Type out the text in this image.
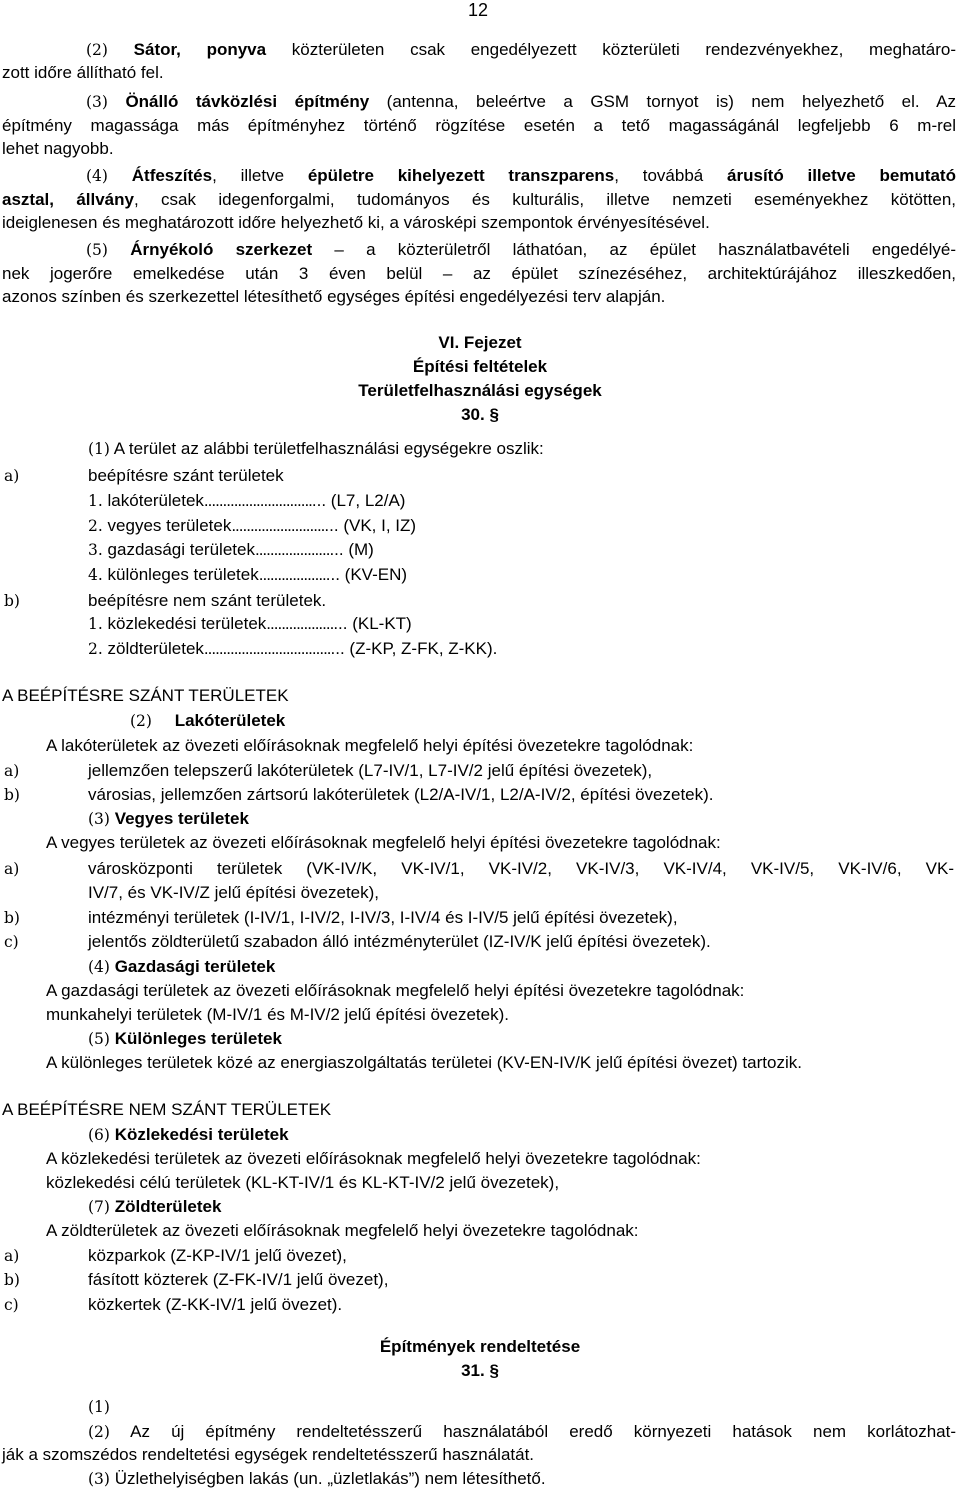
12
(2) Sátor, ponyva közterületen csak engedélyezett közterületi rendezvényekhez, meghatáro-
zott időre állítható fel.
(3) Önálló távközlési építmény (antenna, beleértve a GSM tornyot is) nem helyezhető el. Az
építmény magassága más építményhez történő rögzítése esetén a tető magasságánál legfeljebb 6 m-rel
lehet nagyobb.
(4) Átfeszítés, illetve épületre kihelyezett transzparens, továbbá árusító illetve bemutató
asztal, állvány, csak idegenforgalmi, tudományos és kulturális, illetve nemzeti eseményekhez kötötten,
ideiglenesen és meghatározott időre helyezhető ki, a városképi szempontok érvényesítésével.
(5) Árnyékoló szerkezet – a közterületről láthatóan, az épület használatbavételi engedélyé-
nek jogerőre emelkedése után 3 éven belül – az épület színezéséhez, architektúrájához illeszkedően,
azonos színben és szerkezettel létesíthető egységes építési engedélyezési terv alapján.
VI. Fejezet
Építési feltételek
Területfelhasználási egységek
30. §
(1) A terület az alábbi területfelhasználási egységekre oszlik:
a)	beépítésre szánt területek
1. lakóterületek................................ (L7, L2/A)
2. vegyes területek............................ (VK, I, IZ)
3. gazdasági területek....................... (M)
4. különleges területek..................... (KV-EN)
b)	beépítésre nem szánt területek.
1. közlekedési területek..................... (KL-KT)
2. zöldterületek..................................... (Z-KP, Z-FK, Z-KK).
A BEÉPÍTÉSRE SZÁNT TERÜLETEK
(2) Lakóterületek
A lakóterületek az övezeti előírásoknak megfelelő helyi építési övezetekre tagolódnak:
a)	jellemzően telepszerű lakóterületek (L7-IV/1, L7-IV/2 jelű építési övezetek),
b)	városias, jellemzően zártsorú lakóterületek (L2/A-IV/1, L2/A-IV/2, építési övezetek).
(3) Vegyes területek
A vegyes területek az övezeti előírásoknak megfelelő helyi építési övezetekre tagolódnak:
a)	városközponti területek (VK-IV/K, VK-IV/1, VK-IV/2, VK-IV/3, VK-IV/4, VK-IV/5, VK-IV/6, VK-
IV/7, és VK-IV/Z jelű építési övezetek),
b)	intézményi területek (I-IV/1, I-IV/2, I-IV/3, I-IV/4 és I-IV/5 jelű építési övezetek),
c)	jelentős zöldterületű szabadon álló intézményterület (IZ-IV/K jelű építési övezetek).
(4) Gazdasági területek
A gazdasági területek az övezeti előírásoknak megfelelő helyi építési övezetekre tagolódnak:
munkahelyi területek (M-IV/1 és M-IV/2 jelű építési övezetek).
(5) Különleges területek
A különleges területek közé az energiaszolgáltatás területei (KV-EN-IV/K jelű építési övezet) tartozik.
A BEÉPÍTÉSRE NEM SZÁNT TERÜLETEK
(6) Közlekedési területek
A közlekedési területek az övezeti előírásoknak megfelelő helyi övezetekre tagolódnak:
közlekedési célú területek (KL-KT-IV/1 és KL-KT-IV/2 jelű övezetek),
(7) Zöldterületek
A zöldterületek az övezeti előírásoknak megfelelő helyi övezetekre tagolódnak:
a)	közparkok (Z-KP-IV/1 jelű övezet),
b)	fásított közterek (Z-FK-IV/1 jelű övezet),
c)	közkertek (Z-KK-IV/1 jelű övezet).
Építmények rendeltetése
31. §
(1)
(2) Az új építmény rendeltetésszerű használatából eredő környezeti hatások nem korlátozhat-
ják a szomszédos rendeltetési egységek rendeltetésszerű használatát.
(3) Üzlethelyiségben lakás (un. „üzletlakás”) nem létesíthető.
